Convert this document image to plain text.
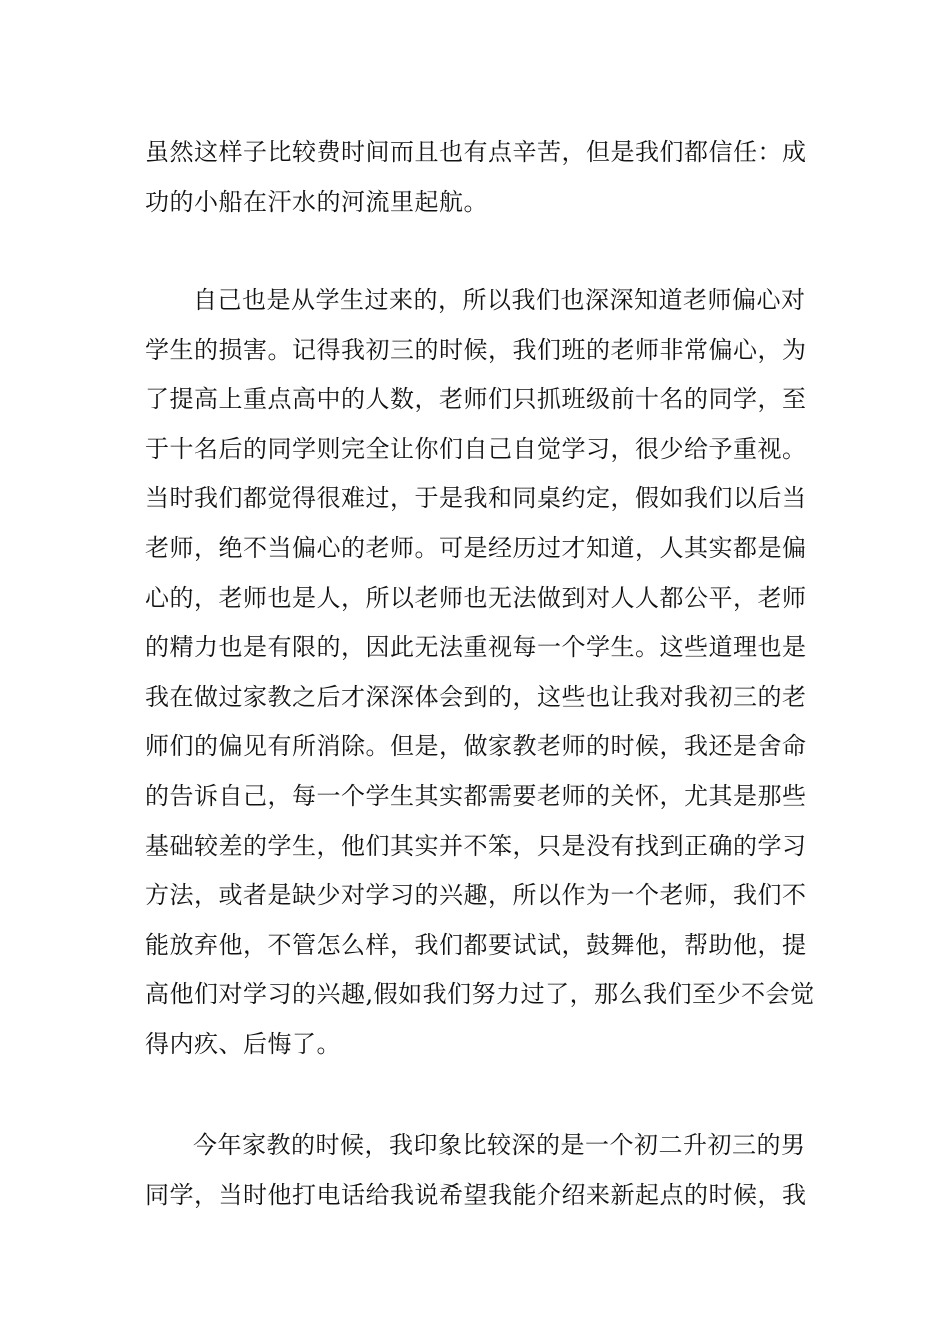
虽然这样子比较费时间而且也有点辛苦，但是我们都信任：成
功的小船在汗水的河流里起航。
自己也是从学生过来的，所以我们也深深知道老师偏心对
学生的损害。记得我初三的时候，我们班的老师非常偏心，为
了提高上重点高中的人数，老师们只抓班级前十名的同学，至
于十名后的同学则完全让你们自己自觉学习，很少给予重视。
当时我们都觉得很难过，于是我和同桌约定，假如我们以后当
老师，绝不当偏心的老师。可是经历过才知道，人其实都是偏
心的，老师也是人，所以老师也无法做到对人人都公平，老师
的精力也是有限的，因此无法重视每一个学生。这些道理也是
我在做过家教之后才深深体会到的，这些也让我对我初三的老
师们的偏见有所消除。但是，做家教老师的时候，我还是舍命
的告诉自己，每一个学生其实都需要老师的关怀，尤其是那些
基础较差的学生，他们其实并不笨，只是没有找到正确的学习
方法，或者是缺少对学习的兴趣，所以作为一个老师，我们不
能放弃他，不管怎么样，我们都要试试，鼓舞他，帮助他，提
高他们对学习的兴趣,假如我们努力过了，那么我们至少不会觉
得内疚、后悔了。
今年家教的时候，我印象比较深的是一个初二升初三的男
同学，当时他打电话给我说希望我能介绍来新起点的时候，我
